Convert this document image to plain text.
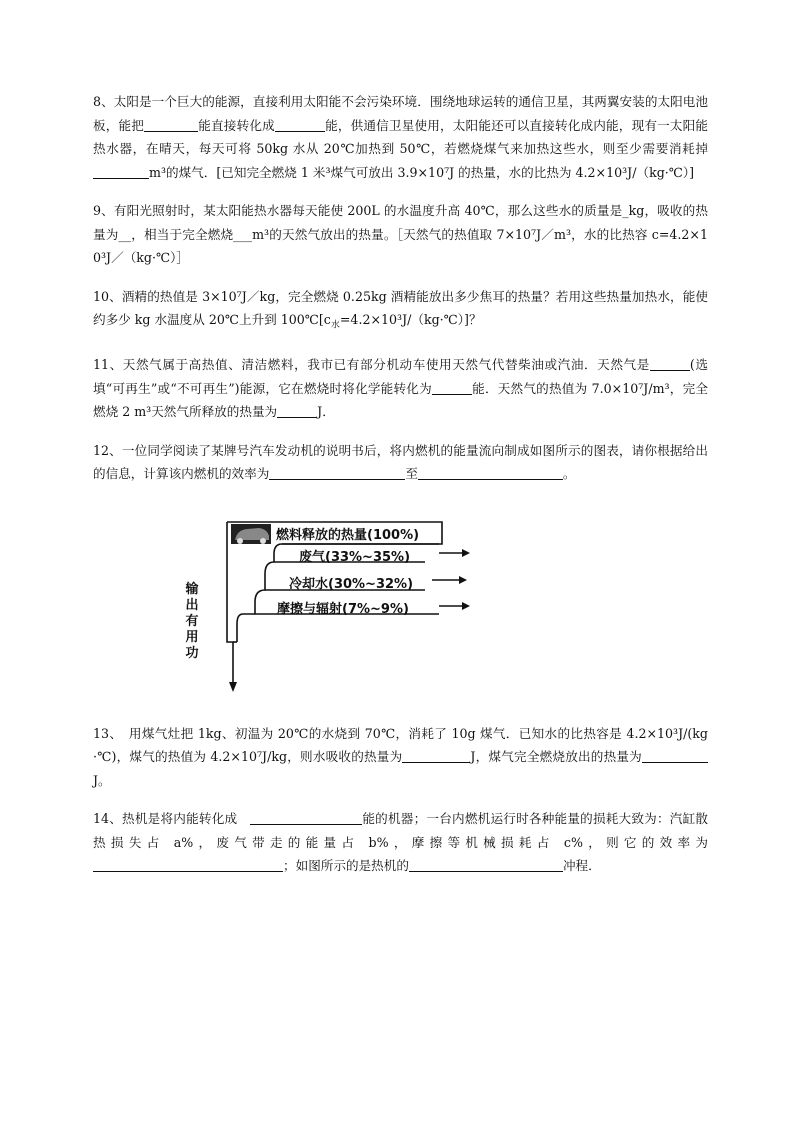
8、太阳是一个巨大的能源，直接利用太阳能不会污染环境．围绕地球运转的通信卫星，其两翼安装的太阳电池板，能把	能直接转化成	能，供通信卫星使用，太阳能还可以直接转化成内能，现有一太阳能热水器，在晴天，每天可将 50kg 水从 20℃加热到 50℃，若燃烧煤气来加热这些水，则至少需要消耗掉m³的煤气．[已知完全燃烧 1 米³煤气可放出 3.9×10⁷J 的热量，水的比热为 4.2×10³J/（kg·℃）]

9、有阳光照射时，某太阳能热水器每天能使 200L 的水温度升高 40℃，那么这些水的质量是_kg，吸收的热量为__，相当于完全燃烧___m³的天然气放出的热量。［天然气的热值取 7×10⁷J／m³，水的比热容 c=4.2×10³J／（kg·℃）］

10、酒精的热值是 3×10⁷J／kg，完全燃烧 0.25kg 酒精能放出多少焦耳的热量？若用这些热量加热水，能使约多少 kg 水温度从 20℃上升到 $100℃[c_水=4.2\times 10^3J/(kg\cdot℃)]$？

11、天然气属于高热值、清洁燃料，我市已有部分机动车使用天然气代替柴油或汽油．天然气是	(选填“可再生”或“不可再生”)能源，它在燃烧时将化学能转化为	能．天然气的热值为 7.0×10⁷J/m³，完全燃烧 2 m³天然气所释放的热量为	J．

12、一位同学阅读了某牌号汽车发动机的说明书后，将内燃机的能量流向制成如图所示的图表，请你根据给出的信息，计算该内燃机的效率为	至	。

燃料释放的热量(100%)
废气(33%~35%)
冷却水(30%~32%)
摩擦与辐射(7%~9%)
输出有用功

13、　用煤气灶把 1kg、初温为 20℃的水烧到 70℃，消耗了 10g 煤气．已知水的比热容是 4.2×10³J/(kg·℃)，煤气的热值为 4.2×10⁷J/kg，则水吸收的热量为	J，煤气完全燃烧放出的热量为 J。

14、热机是将内能转化成　	能的机器；一台内燃机运行时各种能量的损耗大致为：汽缸散热损失占 a%，废气带走的能量占 b%，摩擦等机械损耗占 c%，则它的效率为；如图所示的是热机的	冲程．
